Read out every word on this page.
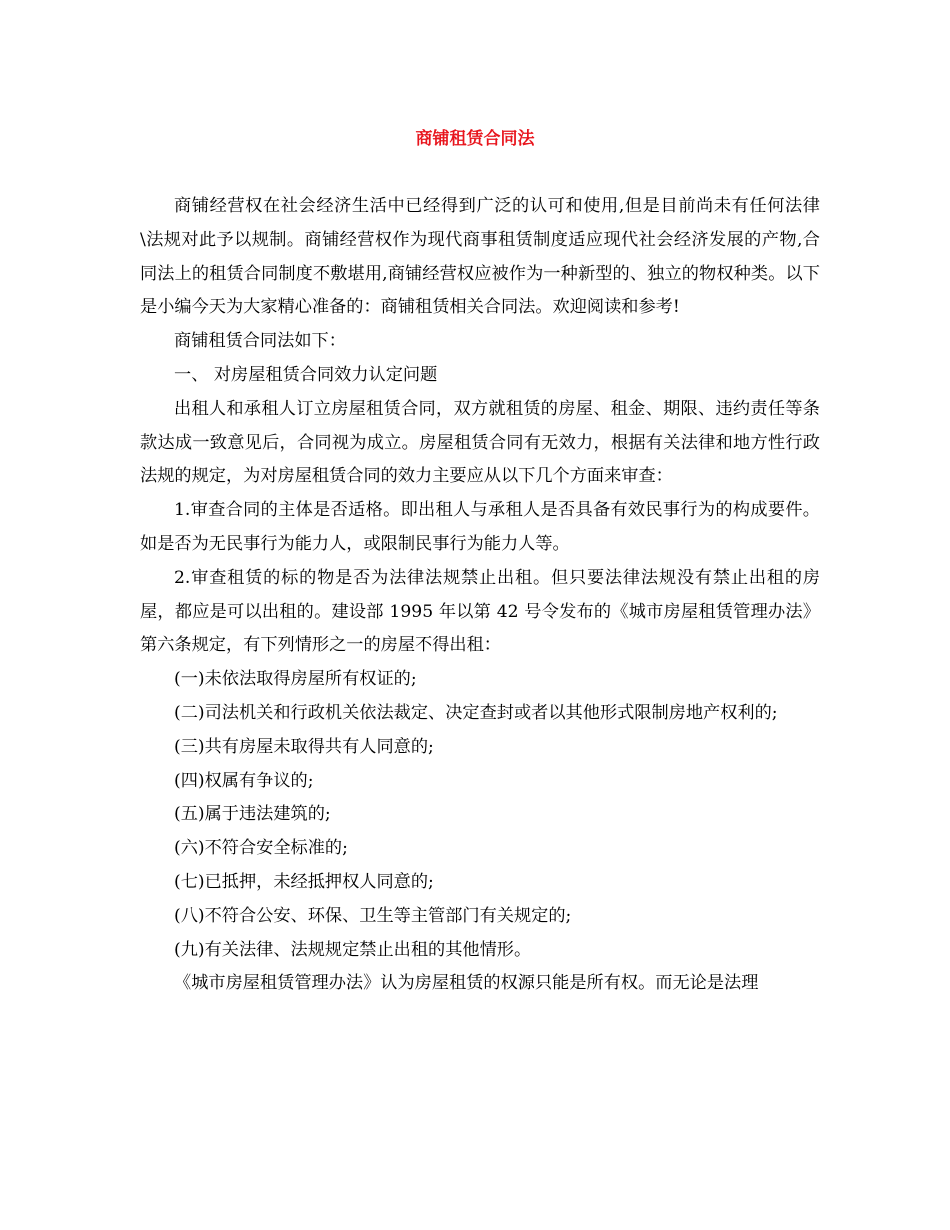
商铺租赁合同法

商铺经营权在社会经济生活中已经得到广泛的认可和使用,但是目前尚未有任何法律\法规对此予以规制。商铺经营权作为现代商事租赁制度适应现代社会经济发展的产物,合同法上的租赁合同制度不敷堪用,商铺经营权应被作为一种新型的、独立的物权种类。以下是小编今天为大家精心准备的：商铺租赁相关合同法。欢迎阅读和参考!

商铺租赁合同法如下：

一、 对房屋租赁合同效力认定问题

出租人和承租人订立房屋租赁合同，双方就租赁的房屋、租金、期限、违约责任等条款达成一致意见后，合同视为成立。房屋租赁合同有无效力，根据有关法律和地方性行政法规的规定，为对房屋租赁合同的效力主要应从以下几个方面来审查：

1.审查合同的主体是否适格。即出租人与承租人是否具备有效民事行为的构成要件。如是否为无民事行为能力人，或限制民事行为能力人等。

2.审查租赁的标的物是否为法律法规禁止出租。但只要法律法规没有禁止出租的房屋，都应是可以出租的。建设部 1995 年以第 42 号令发布的《城市房屋租赁管理办法》第六条规定，有下列情形之一的房屋不得出租：

(一)未依法取得房屋所有权证的;

(二)司法机关和行政机关依法裁定、决定查封或者以其他形式限制房地产权利的;

(三)共有房屋未取得共有人同意的;

(四)权属有争议的;

(五)属于违法建筑的;

(六)不符合安全标准的;

(七)已抵押，未经抵押权人同意的;

(八)不符合公安、环保、卫生等主管部门有关规定的;

(九)有关法律、法规规定禁止出租的其他情形。

《城市房屋租赁管理办法》认为房屋租赁的权源只能是所有权。而无论是法理
